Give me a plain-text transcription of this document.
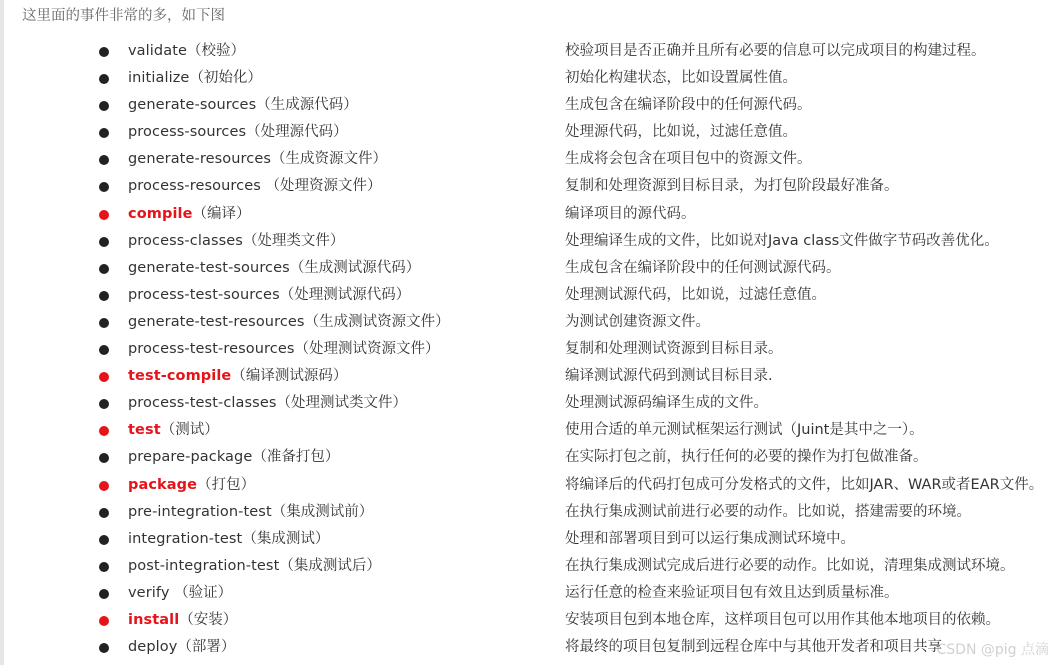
这里面的事件非常的多，如下图
validate（校验）	校验项目是否正确并且所有必要的信息可以完成项目的构建过程。
initialize（初始化）	初始化构建状态，比如设置属性值。
generate-sources（生成源代码）	生成包含在编译阶段中的任何源代码。
process-sources（处理源代码）	处理源代码，比如说，过滤任意值。
generate-resources（生成资源文件）	生成将会包含在项目包中的资源文件。
process-resources （处理资源文件）	复制和处理资源到目标目录，为打包阶段最好准备。
compile（编译）	编译项目的源代码。
process-classes（处理类文件）	处理编译生成的文件，比如说对Java class文件做字节码改善优化。
generate-test-sources（生成测试源代码）	生成包含在编译阶段中的任何测试源代码。
process-test-sources（处理测试源代码）	处理测试源代码，比如说，过滤任意值。
generate-test-resources（生成测试资源文件）	为测试创建资源文件。
process-test-resources（处理测试资源文件）	复制和处理测试资源到目标目录。
test-compile（编译测试源码）	编译测试源代码到测试目标目录.
process-test-classes（处理测试类文件）	处理测试源码编译生成的文件。
test（测试）	使用合适的单元测试框架运行测试（Juint是其中之一）。
prepare-package（准备打包）	在实际打包之前，执行任何的必要的操作为打包做准备。
package（打包）	将编译后的代码打包成可分发格式的文件，比如JAR、WAR或者EAR文件。
pre-integration-test（集成测试前）	在执行集成测试前进行必要的动作。比如说，搭建需要的环境。
integration-test（集成测试）	处理和部署项目到可以运行集成测试环境中。
post-integration-test（集成测试后）	在执行集成测试完成后进行必要的动作。比如说，清理集成测试环境。
verify （验证）	运行任意的检查来验证项目包有效且达到质量标准。
install（安装）	安装项目包到本地仓库，这样项目包可以用作其他本地项目的依赖。
deploy（部署）	将最终的项目包复制到远程仓库中与其他开发者和项目共享
CSDN @pig 点滴
